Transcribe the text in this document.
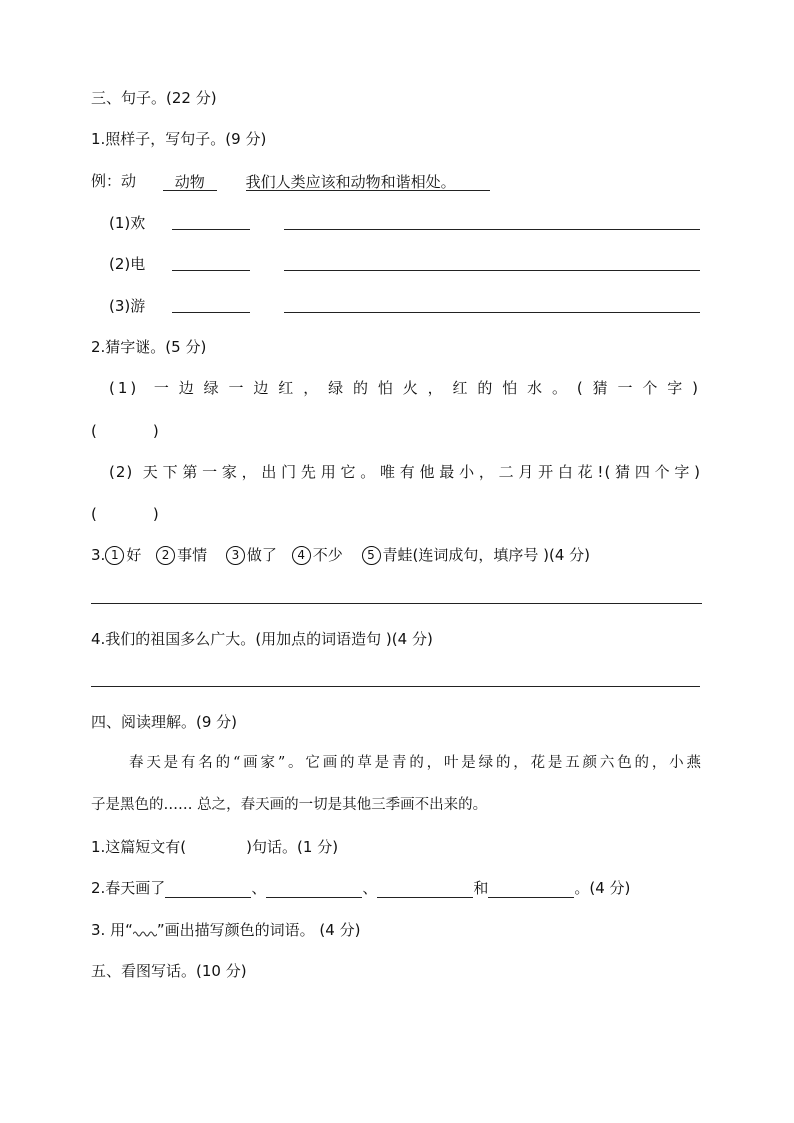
三、句子。(22 分)
1.照样子，写句子。(9 分)
例：动	动物	我们人类应该和动物和谐相处。
(1)欢
(2)电
(3)游
2.猜字谜。(5 分)
(1) 一边绿一边红，绿的怕火，红的怕水。(猜一个字)
(	)
(2) 天下第一家，出门先用它。唯有他最小，二月开白花!(猜四个字)
(	)
3. 1 好 2 事情 3 做了 4 不少 5 青蛙(连词成句，填序号 )(4 分)
4.我们的祖国多么广大。(用加点的词语造句 )(4 分)
四、阅读理解。(9 分)
春天是有名的“画家”。它画的草是青的，叶是绿的，花是五颜六色的，小燕
子是黑色的…… 总之，春天画的一切是其他三季画不出来的。
1.这篇短文有(	)句话。(1 分)
2.春天画了	、	、	和	。(4 分)
3. 用“ ”画出描写颜色的词语。 (4 分)
五、看图写话。(10 分)
